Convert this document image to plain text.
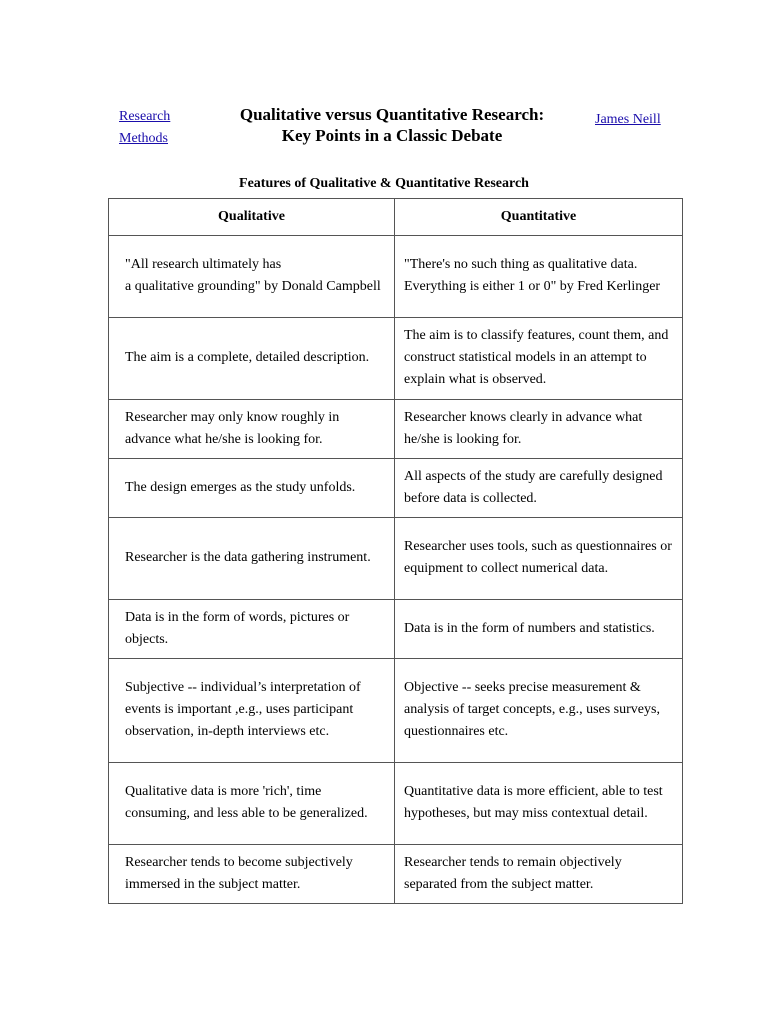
Research Methods
Qualitative versus Quantitative Research:
Key Points in a Classic Debate
James Neill
Features of Qualitative & Quantitative Research
Qualitative	Quantitative
"All research ultimately has
a qualitative grounding" by Donald Campbell	"There's no such thing as qualitative data. Everything is either 1 or 0" by Fred Kerlinger
The aim is a complete, detailed description.	The aim is to classify features, count them, and construct statistical models in an attempt to explain what is observed.
Researcher may only know roughly in advance what he/she is looking for.	Researcher knows clearly in advance what he/she is looking for.
The design emerges as the study unfolds.	All aspects of the study are carefully designed before data is collected.
Researcher is the data gathering instrument.	Researcher uses tools, such as questionnaires or equipment to collect numerical data.
Data is in the form of words, pictures or objects.	Data is in the form of numbers and statistics.
Subjective -- individual’s interpretation of events is important ,e.g., uses participant observation, in-depth interviews etc.	Objective -- seeks precise measurement & analysis of target concepts, e.g., uses surveys, questionnaires etc.
Qualitative data is more 'rich', time consuming, and less able to be generalized.	Quantitative data is more efficient, able to test hypotheses, but may miss contextual detail.
Researcher tends to become subjectively immersed in the subject matter.	Researcher tends to remain objectively separated from the subject matter.
